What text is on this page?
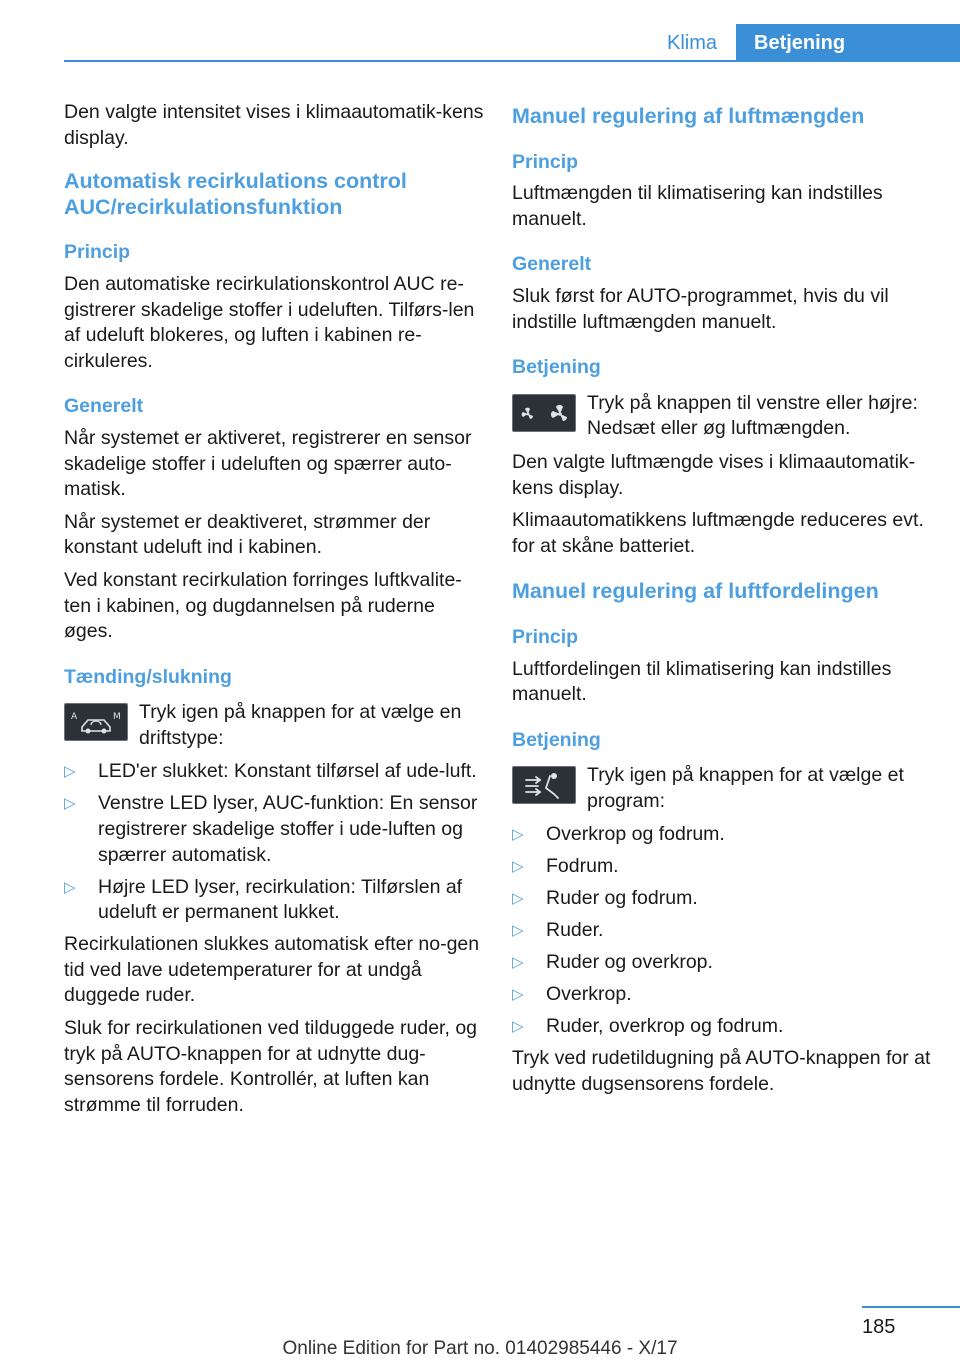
Klima	Betjening

Den valgte intensitet vises i klimaautomatik-kens display.

Automatisk recirkulations control AUC/recirkulationsfunktion
Princip

Den automatiske recirkulationskontrol AUC re-gistrerer skadelige stoffer i udeluften. Tilførs-len af udeluft blokeres, og luften i kabinen re-cirkuleres.

Generelt

Når systemet er aktiveret, registrerer en sensor skadelige stoffer i udeluften og spærrer auto-matisk.

Når systemet er deaktiveret, strømmer der konstant udeluft ind i kabinen.

Ved konstant recirkulation forringes luftkvalite-ten i kabinen, og dugdannelsen på ruderne øges.

Tænding/slukning
A	M Tryk igen på knappen for at vælge en driftstype:
▷ LED'er slukket: Konstant tilførsel af ude-luft.
▷ Venstre LED lyser, AUC-funktion: En sensor registrerer skadelige stoffer i ude-luften og spærrer automatisk.
▷ Højre LED lyser, recirkulation: Tilførslen af udeluft er permanent lukket.

Recirkulationen slukkes automatisk efter no-gen tid ved lave udetemperaturer for at undgå duggede ruder.

Sluk for recirkulationen ved tilduggede ruder, og tryk på AUTO-knappen for at udnytte dug-sensorens fordele. Kontrollér, at luften kan strømme til forruden.

Manuel regulering af luftmængden
Princip

Luftmængden til klimatisering kan indstilles manuelt.

Generelt

Sluk først for AUTO-programmet, hvis du vil indstille luftmængden manuelt.

Betjening
Tryk på knappen til venstre eller højre: Nedsæt eller øg luftmængden.

Den valgte luftmængde vises i klimaautomatik-kens display.

Klimaautomatikkens luftmængde reduceres evt. for at skåne batteriet.

Manuel regulering af luftfordelingen
Princip

Luftfordelingen til klimatisering kan indstilles manuelt.

Betjening
Tryk igen på knappen for at vælge et program:
▷ Overkrop og fodrum.
▷ Fodrum.
▷ Ruder og fodrum.
▷ Ruder.
▷ Ruder og overkrop.
▷ Overkrop.
▷ Ruder, overkrop og fodrum.

Tryk ved rudetildugning på AUTO-knappen for at udnytte dugsensorens fordele.

185
Online Edition for Part no. 01402985446 - X/17
